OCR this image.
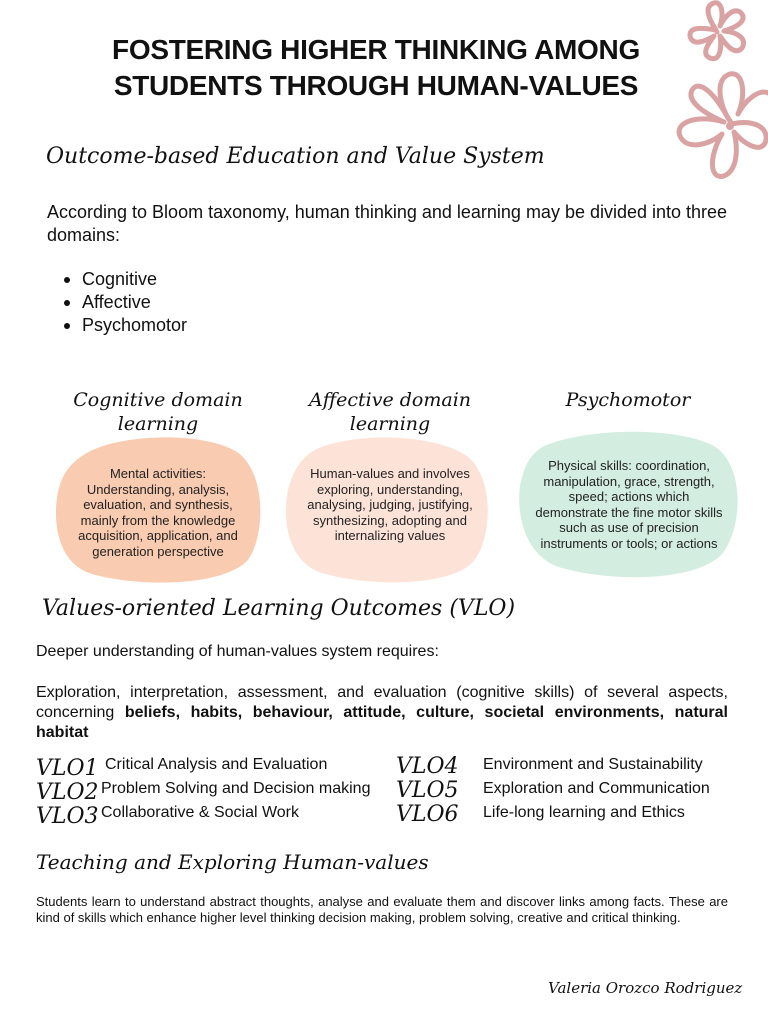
FOSTERING HIGHER THINKING AMONG
STUDENTS THROUGH HUMAN-VALUES
Outcome-based Education and Value System
According to Bloom taxonomy, human thinking and learning may be divided into three domains:
Cognitive
Affective
Psychomotor
Cognitive domain learning
Mental activities: Understanding, analysis, evaluation, and synthesis, mainly from the knowledge acquisition, application, and generation perspective
Affective domain learning
Human-values and involves exploring, understanding, analysing, judging, justifying, synthesizing, adopting and internalizing values
Psychomotor
Physical skills: coordination, manipulation, grace, strength, speed; actions which demonstrate the fine motor skills such as use of precision instruments or tools; or actions
Values-oriented Learning Outcomes (VLO)
Deeper understanding of human-values system requires:
Exploration, interpretation, assessment, and evaluation (cognitive skills) of several aspects, concerning beliefs, habits, behaviour, attitude, culture, societal environments, natural habitat
VLO1 Critical Analysis and Evaluation
VLO2 Problem Solving and Decision making
VLO3 Collaborative & Social Work
VLO4 Environment and Sustainability
VLO5 Exploration and Communication
VLO6 Life-long learning and Ethics
Teaching and Exploring Human-values
Students learn to understand abstract thoughts, analyse and evaluate them and discover links among facts. These are kind of skills which enhance higher level thinking decision making, problem solving, creative and critical thinking.
Valeria Orozco Rodriguez
